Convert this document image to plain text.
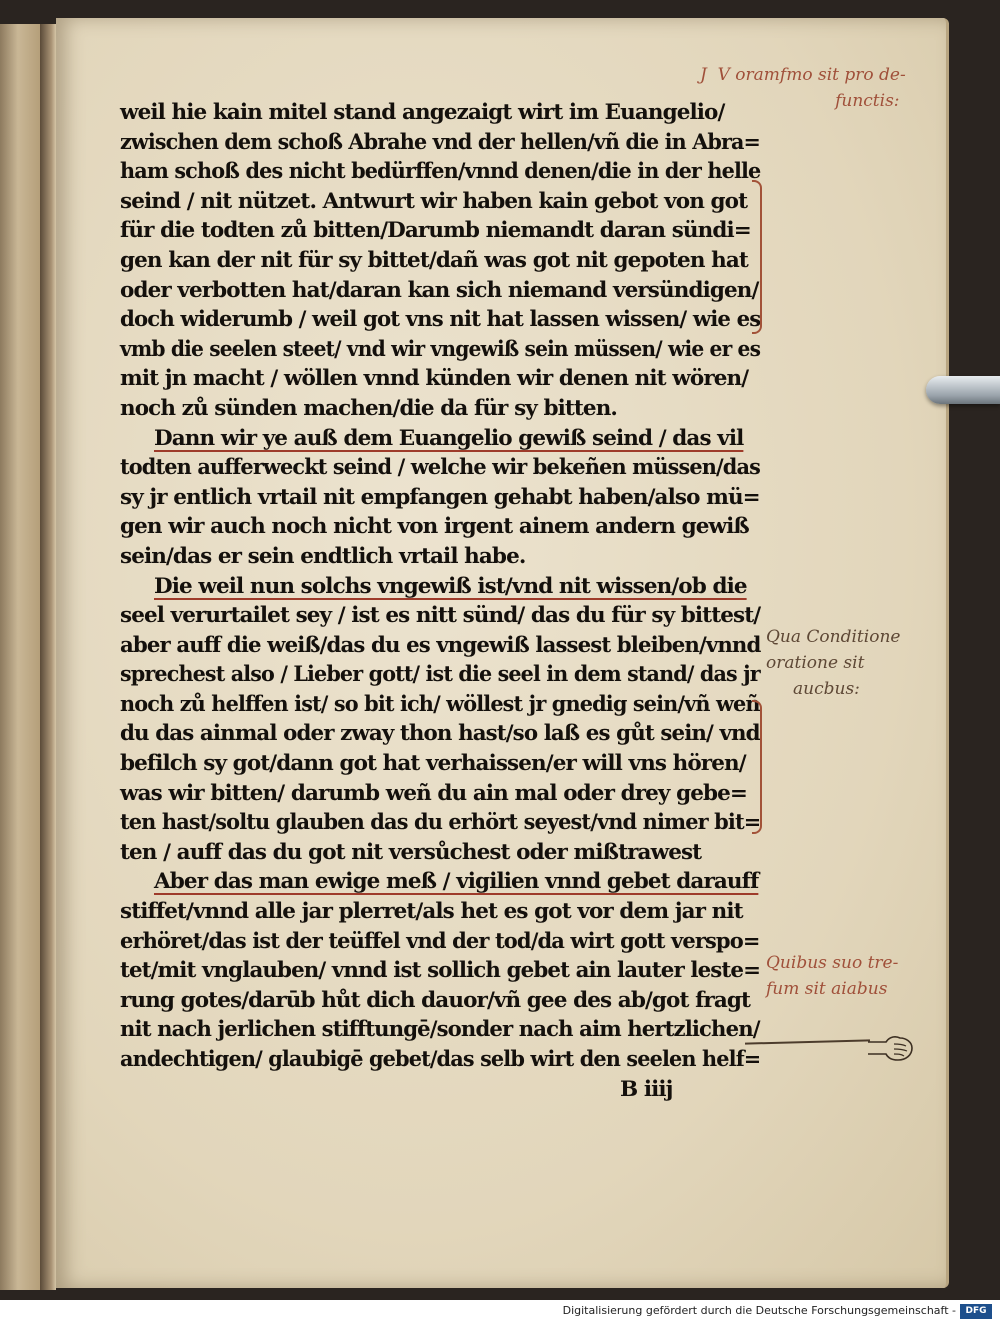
weil hie kain mitel stand angezaigt wirt im Euangelio/
zwischen dem schoß Abrahe vnd der hellen/vñ die in Abra=
ham schoß des nicht bedürffen/vnnd denen/die in der helle
seind / nit nützet. Antwurt wir haben kain gebot von got
für die todten zů bitten/Darumb niemandt daran sündi=
gen kan der nit für sy bittet/dañ was got nit gepoten hat
oder verbotten hat/daran kan sich niemand versündigen/
doch widerumb / weil got vns nit hat lassen wissen/ wie es
vmb die seelen steet/ vnd wir vngewiß sein müssen/ wie er es
mit jn macht / wöllen vnnd künden wir denen nit wören/
noch zů sünden machen/die da für sy bitten.
Dann wir ye auß dem Euangelio gewiß seind / das vil
todten aufferweckt seind / welche wir bekeñen müssen/das
sy jr entlich vrtail nit empfangen gehabt haben/also mü=
gen wir auch noch nicht von irgent ainem andern gewiß
sein/das er sein endtlich vrtail habe.
Die weil nun solchs vngewiß ist/vnd nit wissen/ob die
seel verurtailet sey / ist es nitt sünd/ das du für sy bittest/
aber auff die weiß/das du es vngewiß lassest bleiben/vnnd
sprechest also / Lieber gott/ ist die seel in dem stand/ das jr
noch zů helffen ist/ so bit ich/ wöllest jr gnedig sein/vñ weñ
du das ainmal oder zway thon hast/so laß es gůt sein/ vnd
befilch sy got/dann got hat verhaissen/er will vns hören/
was wir bitten/ darumb weñ du ain mal oder drey gebe=
ten hast/soltu glauben das du erhört seyest/vnd nimer bit=
ten / auff das du got nit versůchest oder mißtrawest
Aber das man ewige meß / vigilien vnnd gebet darauff
stiffet/vnnd alle jar plerret/als het es got vor dem jar nit
erhöret/das ist der teüffel vnd der tod/da wirt gott verspo=
tet/mit vnglauben/ vnnd ist sollich gebet ain lauter leste=
rung gotes/darūb hůt dich dauor/vñ gee des ab/got fragt
nit nach jerlichen stifftungē/sonder nach aim hertzlichen/
andechtigen/ glaubigē gebet/das selb wirt den seelen helf=
B iiij
J  V oramfmo sit pro de-
functis:
Qua Conditione
oratione sit
aucbus:
Quibus suo tre-
fum sit aiabus
Digitalisierung gefördert durch die Deutsche Forschungsgemeinschaft -	DFG
